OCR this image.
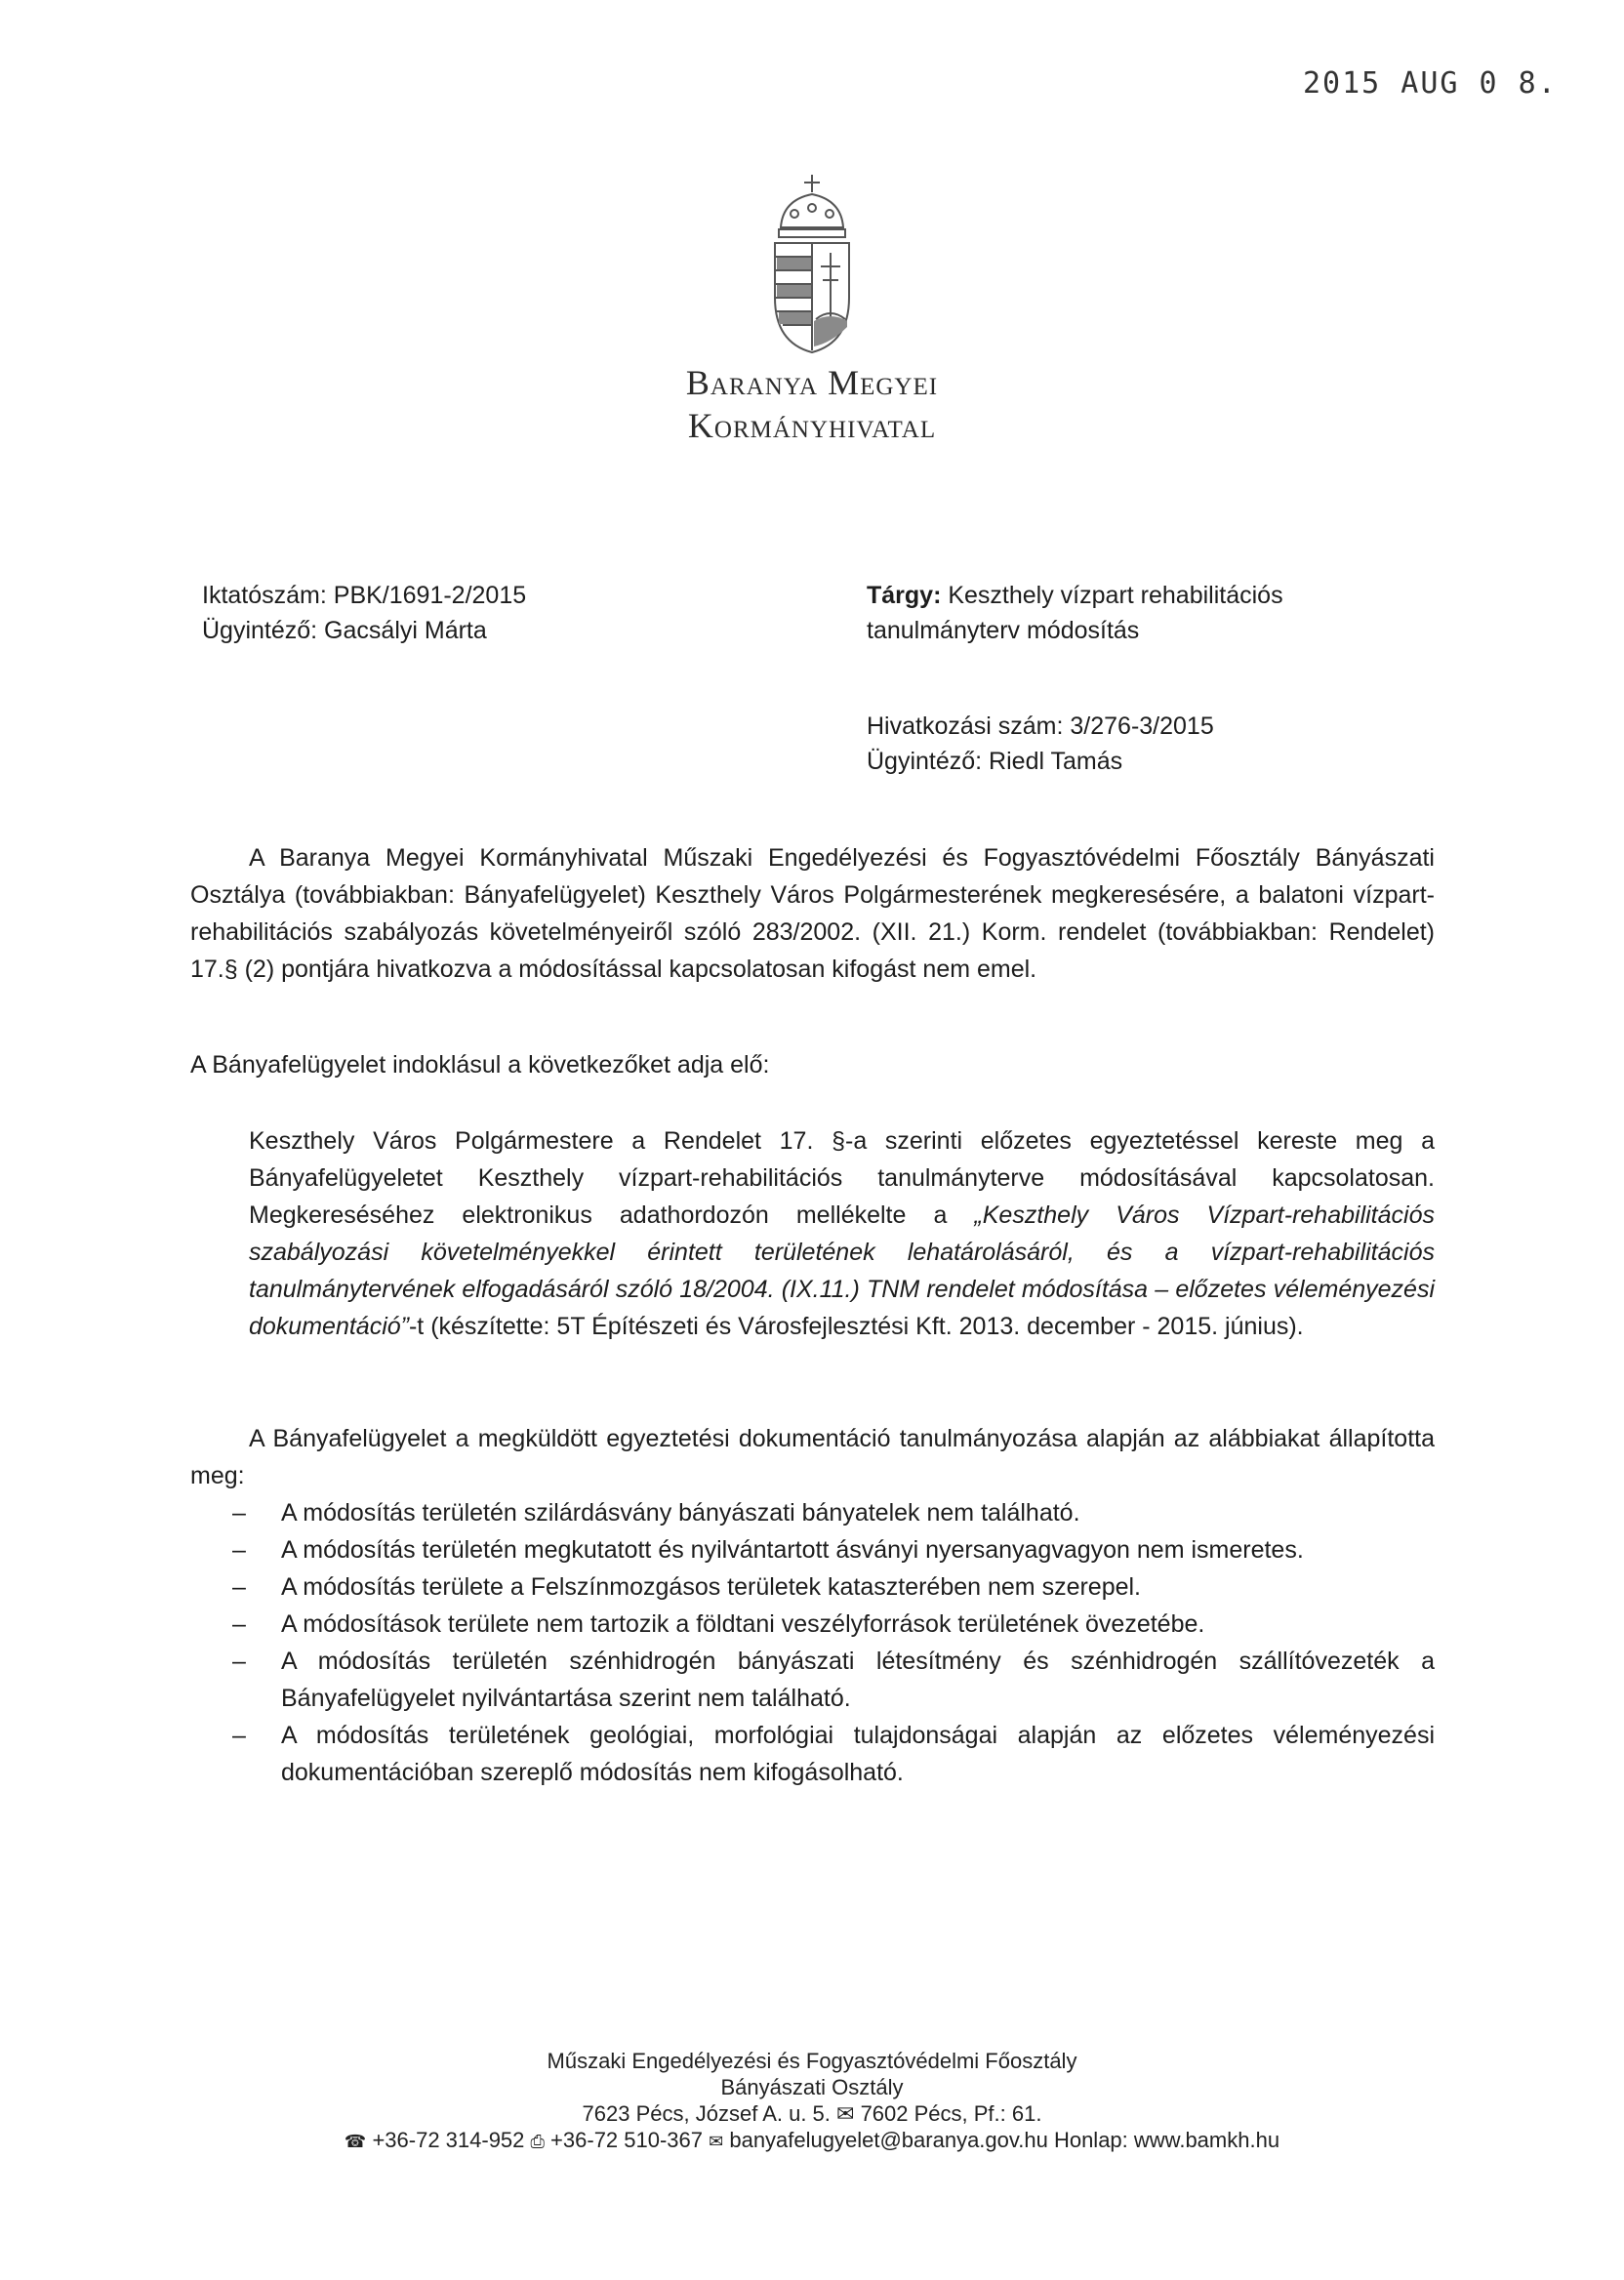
2015 AUG 0 8.
Baranya Megyei
Kormányhivatal
Iktatószám: PBK/1691-2/2015
Ügyintéző: Gacsályi Márta
Tárgy: Keszthely vízpart rehabilitációs
tanulmányterv módosítás
Hivatkozási szám: 3/276-3/2015
Ügyintéző: Riedl Tamás
A Baranya Megyei Kormányhivatal Műszaki Engedélyezési és Fogyasztóvédelmi Főosztály Bányászati Osztálya (továbbiakban: Bányafelügyelet) Keszthely Város Polgármesterének megkeresésére, a balatoni vízpart-rehabilitációs szabályozás követelményeiről szóló 283/2002. (XII. 21.) Korm. rendelet (továbbiakban: Rendelet) 17.§ (2) pontjára hivatkozva a módosítással kapcsolatosan kifogást nem emel.
A Bányafelügyelet indoklásul a következőket adja elő:
Keszthely Város Polgármestere a Rendelet 17. §-a szerinti előzetes egyeztetéssel kereste meg a Bányafelügyeletet Keszthely vízpart-rehabilitációs tanulmányterve módosításával kapcsolatosan. Megkereséséhez elektronikus adathordozón mellékelte a „Keszthely Város Vízpart-rehabilitációs szabályozási követelményekkel érintett területének lehatárolásáról, és a vízpart-rehabilitációs tanulmánytervének elfogadásáról szóló 18/2004. (IX.11.) TNM rendelet módosítása – előzetes véleményezési dokumentáció”-t (készítette: 5T Építészeti és Városfejlesztési Kft. 2013. december - 2015. június).
A Bányafelügyelet a megküldött egyeztetési dokumentáció tanulmányozása alapján az alábbiakat állapította meg:
– A módosítás területén szilárdásvány bányászati bányatelek nem található.
– A módosítás területén megkutatott és nyilvántartott ásványi nyersanyagvagyon nem ismeretes.
– A módosítás területe a Felszínmozgásos területek kataszterében nem szerepel.
– A módosítások területe nem tartozik a földtani veszélyforrások területének övezetébe.
– A módosítás területén szénhidrogén bányászati létesítmény és szénhidrogén szállítóvezeték a Bányafelügyelet nyilvántartása szerint nem található.
– A módosítás területének geológiai, morfológiai tulajdonságai alapján az előzetes véleményezési dokumentációban szereplő módosítás nem kifogásolható.
Műszaki Engedélyezési és Fogyasztóvédelmi Főosztály
Bányászati Osztály
7623 Pécs, József A. u. 5. ✉ 7602 Pécs, Pf.: 61.
☎ +36-72 314-952 ⎙ +36-72 510-367 ✉ banyafelugyelet@baranya.gov.hu Honlap: www.bamkh.hu
